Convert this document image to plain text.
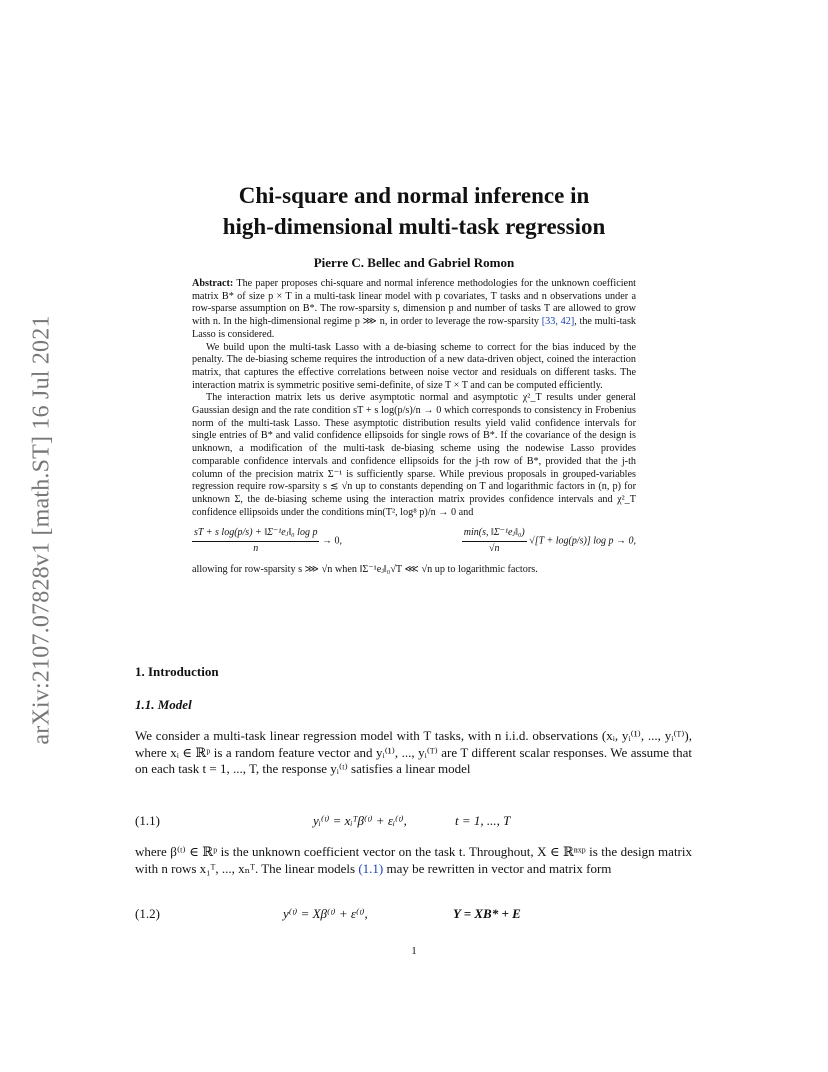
arXiv:2107.07828v1 [math.ST] 16 Jul 2021
Chi-square and normal inference in
high-dimensional multi-task regression
Pierre C. Bellec and Gabriel Romon

Abstract: The paper proposes chi-square and normal inference methodologies for the unknown coefficient matrix B* of size p × T in a multi-task linear model with p covariates, T tasks and n observations under a row-sparse assumption on B*. The row-sparsity s, dimension p and number of tasks T are allowed to grow with n. In the high-dimensional regime p ⋙ n, in order to leverage the row-sparsity [33, 42], the multi-task Lasso is considered.

We build upon the multi-task Lasso with a de-biasing scheme to correct for the bias induced by the penalty. The de-biasing scheme requires the introduction of a new data-driven object, coined the interaction matrix, that captures the effective correlations between noise vector and residuals on different tasks. The interaction matrix is symmetric positive semi-definite, of size T × T and can be computed efficiently.

The interaction matrix lets us derive asymptotic normal and asymptotic χ²_T results under general Gaussian design and the rate condition sT + s log(p/s)/n → 0 which corresponds to consistency in Frobenius norm of the multi-task Lasso. These asymptotic distribution results yield valid confidence intervals for single entries of B* and valid confidence ellipsoids for single rows of B*. If the covariance of the design is unknown, a modification of the multi-task de-biasing scheme using the nodewise Lasso provides comparable confidence intervals and confidence ellipsoids for the j-th row of B*, provided that the j-th column of the precision matrix Σ⁻¹ is sufficiently sparse. While previous proposals in grouped-variables regression require row-sparsity s ≲ √n up to constants depending on T and logarithmic factors in (n, p) for unknown Σ, the de-biasing scheme using the interaction matrix provides confidence intervals and χ²_T confidence ellipsoids under the conditions min(T², log⁸ p)/n → 0 and

$\frac{\text{sT + s log(p/s) + ‖Σ⁻¹eⱼ‖₀ log p}}{n} \to 0$,	$\frac{\text{min(s, ‖Σ⁻¹eⱼ‖₀)}}{√n} √[T + \log(p/s)]$ log p → 0,

allowing for row-sparsity s ⋙ √n when ‖Σ⁻¹eⱼ‖₀√T ⋘ √n up to logarithmic factors.

1. Introduction
1.1. Model

We consider a multi-task linear regression model with T tasks, with n i.i.d. observations (xᵢ, yᵢ⁽¹⁾, ..., yᵢ⁽ᵀ⁾), where xᵢ ∈ ℝᵖ is a random feature vector and yᵢ⁽¹⁾, ..., yᵢ⁽ᵀ⁾ are T different scalar responses. We assume that on each task t = 1, ..., T, the response yᵢ⁽ᵗ⁾ satisfies a linear model

(1.1)	yᵢ⁽ᵗ⁾ = xᵢᵀβ⁽ᵗ⁾ + εᵢ⁽ᵗ⁾,	t = 1, ..., T

where β⁽ᵗ⁾ ∈ ℝᵖ is the unknown coefficient vector on the task t. Throughout, X ∈ ℝⁿˣᵖ is the design matrix with n rows x₁ᵀ, ..., xₙᵀ. The linear models (1.1) may be rewritten in vector and matrix form

(1.2)	y⁽ᵗ⁾ = Xβ⁽ᵗ⁾ + ε⁽ᵗ⁾,	Y = XB* + E
1
